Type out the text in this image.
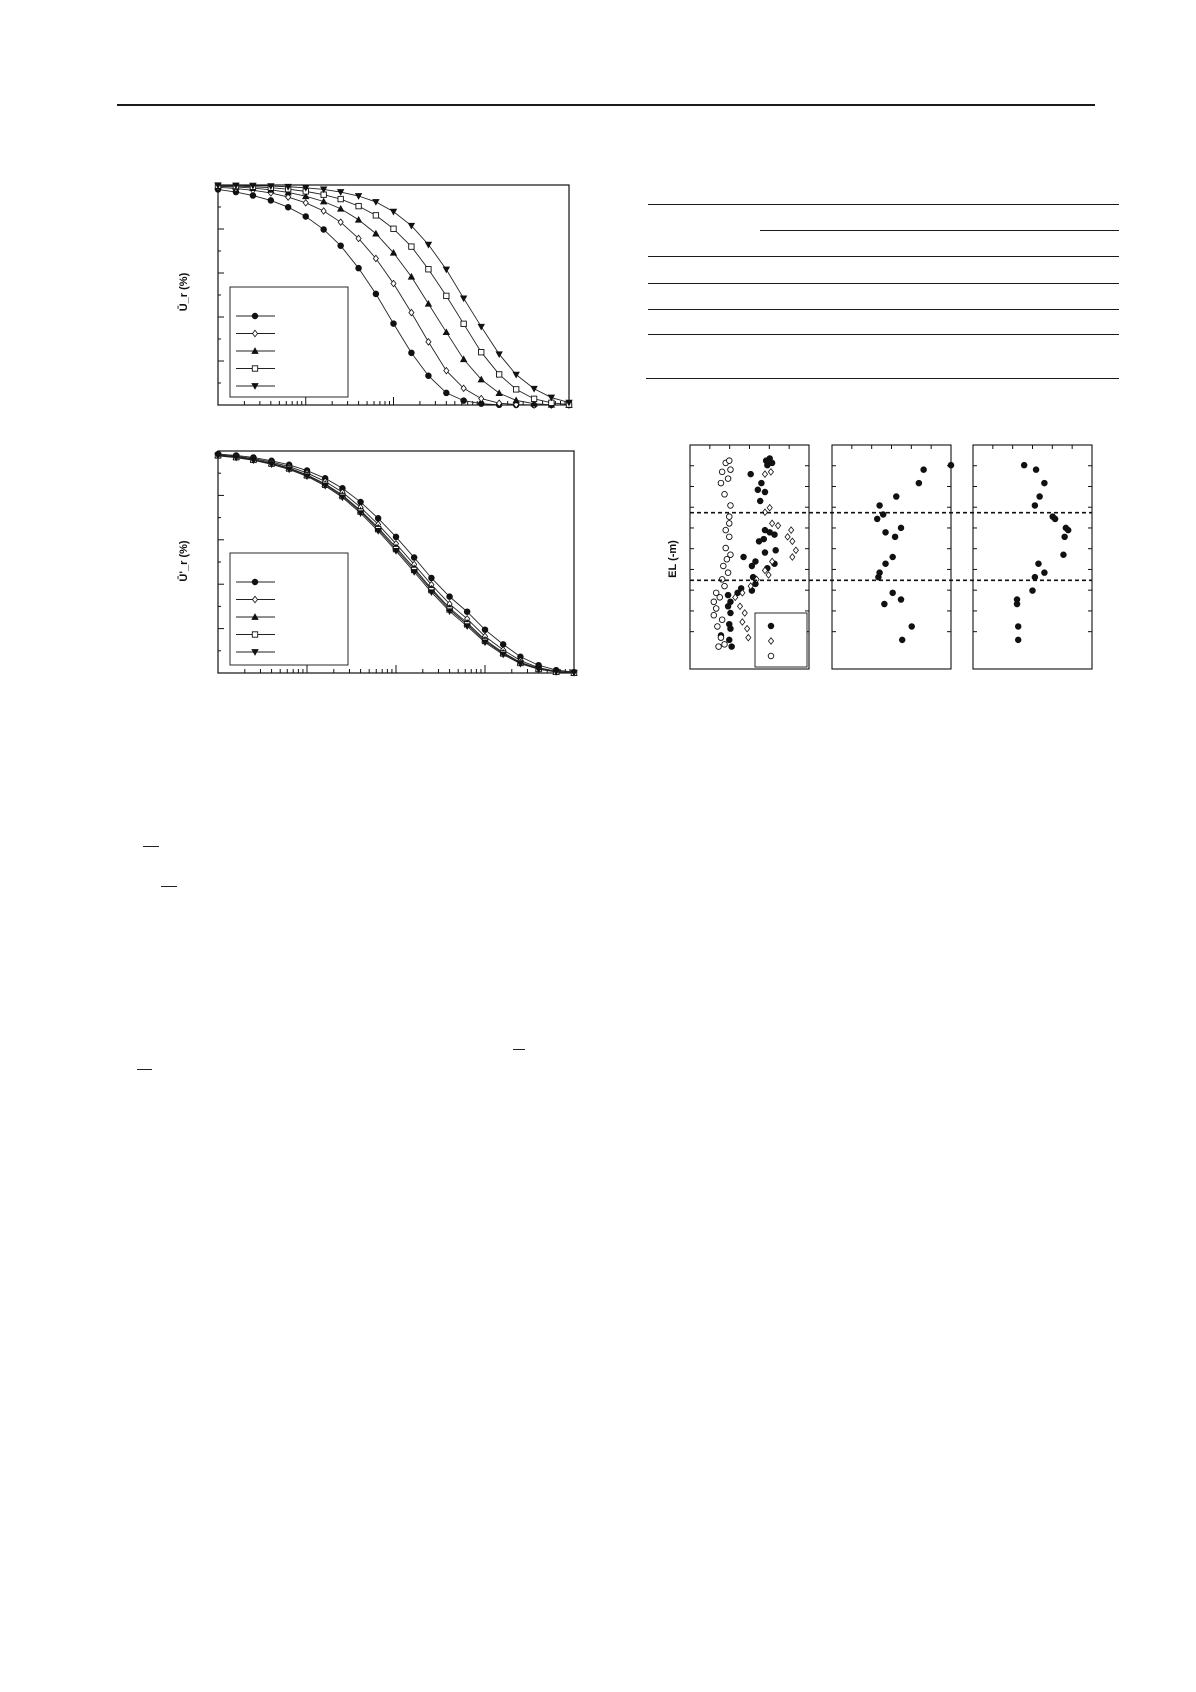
Ū_r (%)
Ū'_r (%)	EL (-m)
